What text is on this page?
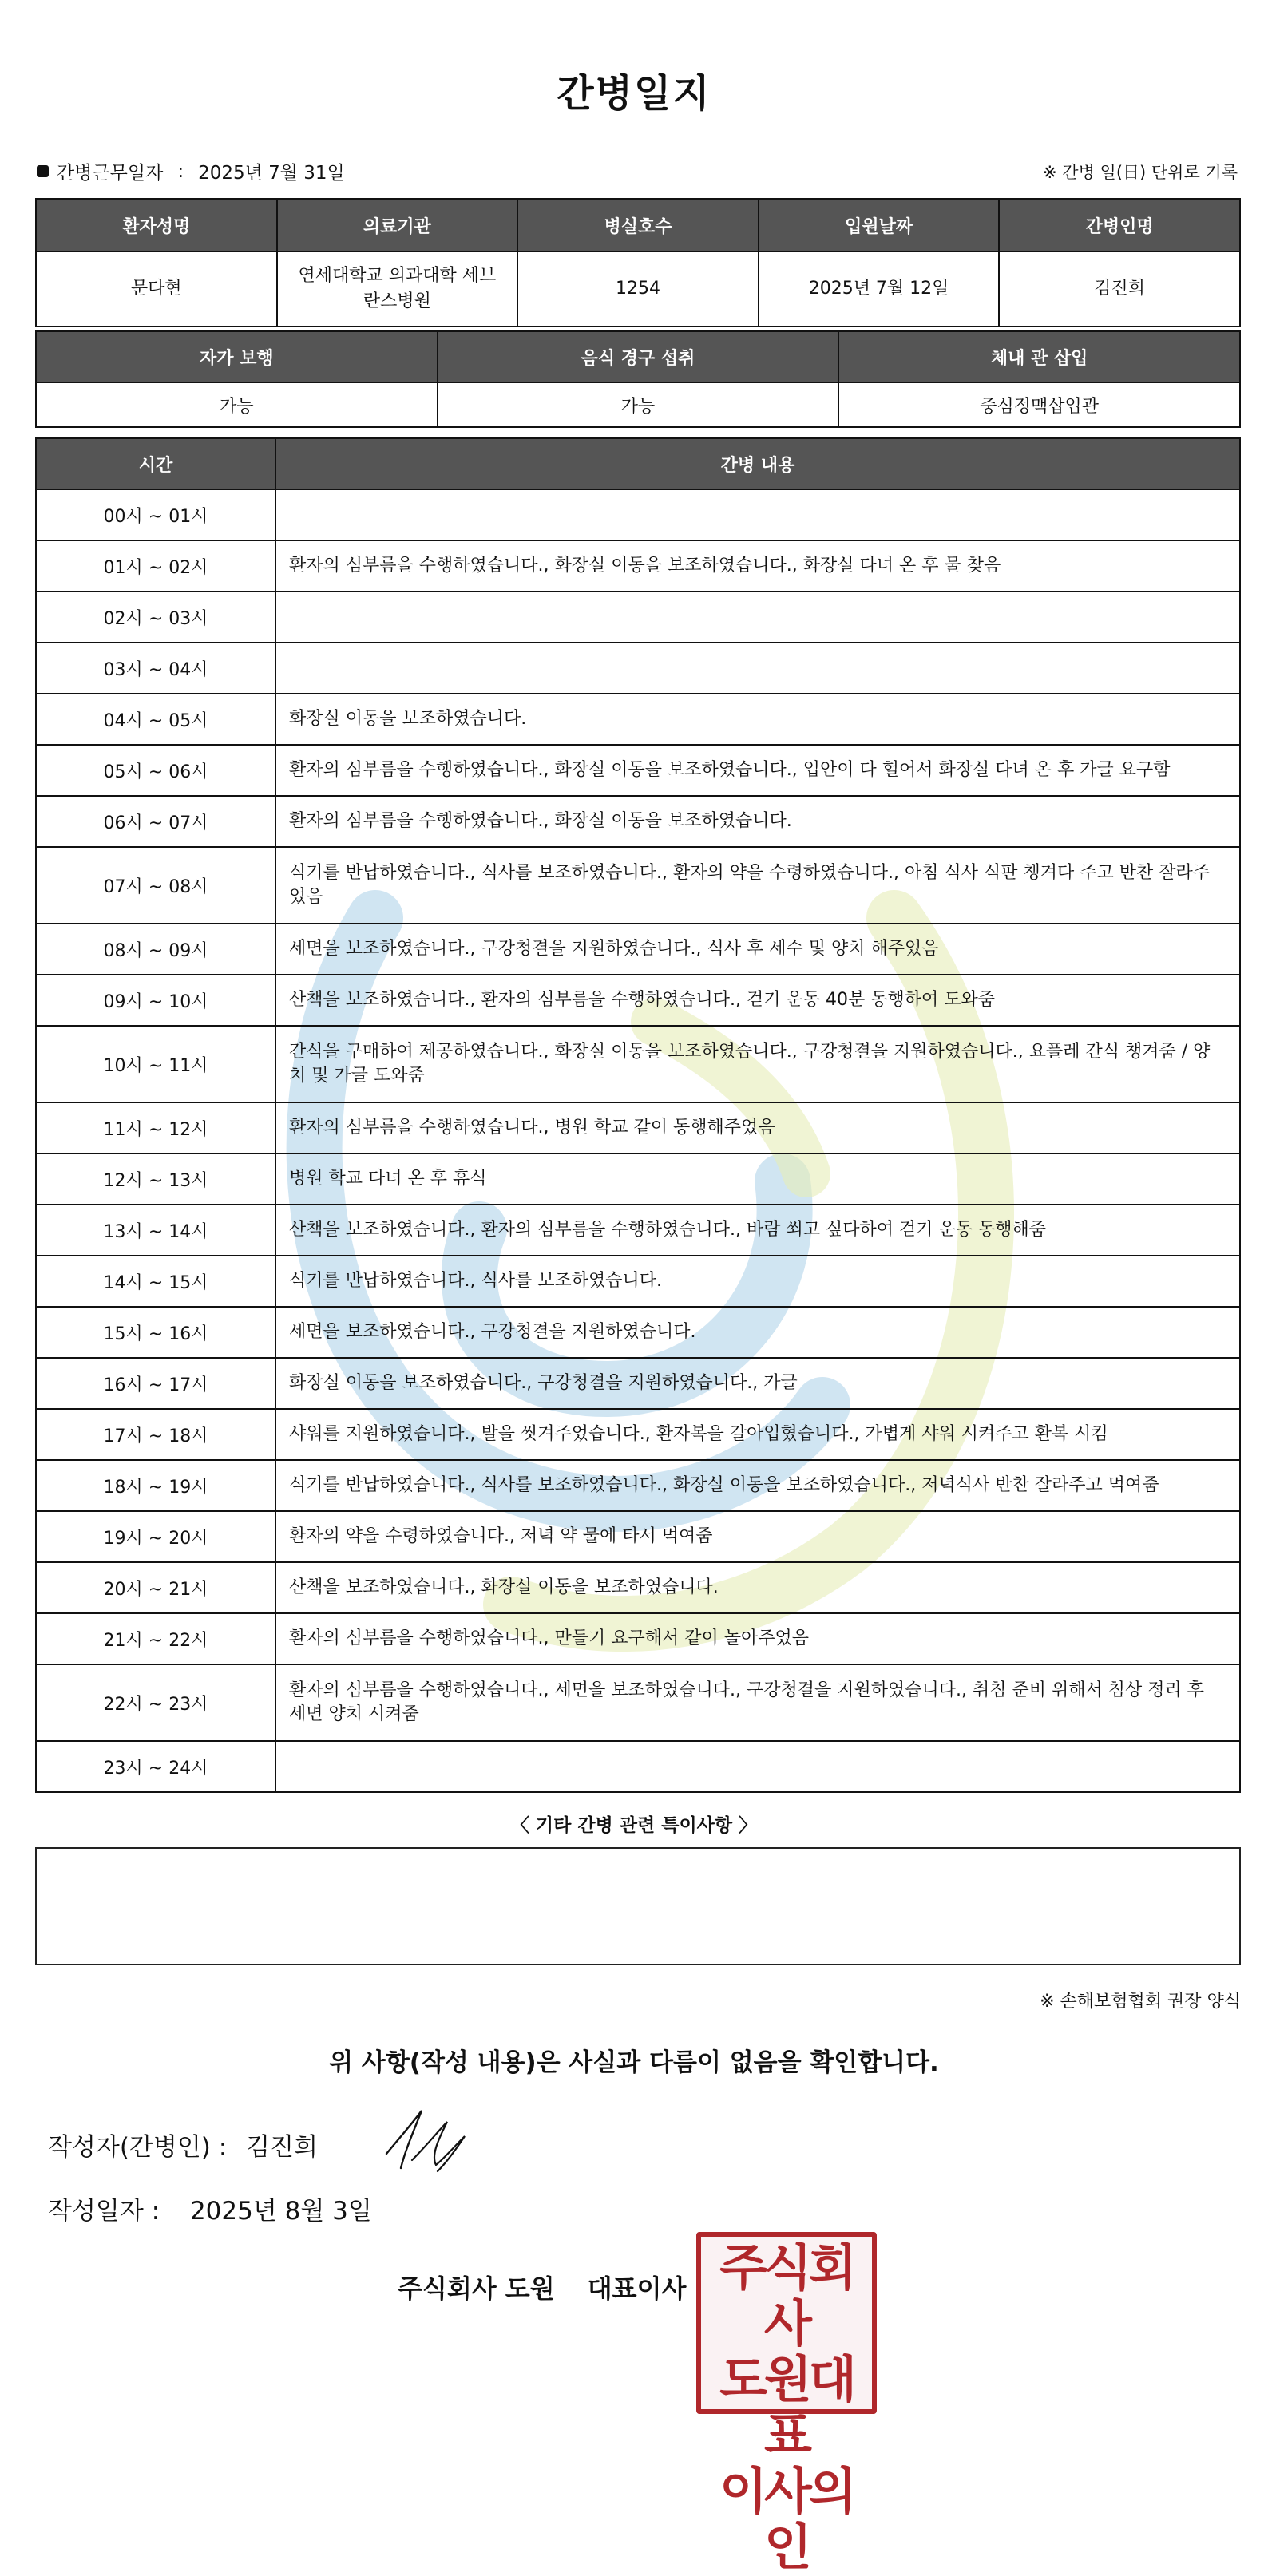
간병일지
간병근무일자 : 2025년 7월 31일	※ 간병 일(日) 단위로 기록
환자성명	의료기관	병실호수	입원날짜	간병인명
문다현	연세대학교 의과대학 세브란스병원	1254	2025년 7월 12일	김진희
자가 보행	음식 경구 섭취	체내 관 삽입
가능	가능	중심정맥삽입관
시간	간병 내용
00시 ~ 01시	
01시 ~ 02시	환자의 심부름을 수행하였습니다., 화장실 이동을 보조하였습니다., 화장실 다녀 온 후 물 찾음
02시 ~ 03시	
03시 ~ 04시	
04시 ~ 05시	화장실 이동을 보조하였습니다.
05시 ~ 06시	환자의 심부름을 수행하였습니다., 화장실 이동을 보조하였습니다., 입안이 다 헐어서 화장실 다녀 온 후 가글 요구함
06시 ~ 07시	환자의 심부름을 수행하였습니다., 화장실 이동을 보조하였습니다.
07시 ~ 08시	식기를 반납하였습니다., 식사를 보조하였습니다., 환자의 약을 수령하였습니다., 아침 식사 식판 챙겨다 주고 반찬 잘라주었음
08시 ~ 09시	세면을 보조하였습니다., 구강청결을 지원하였습니다., 식사 후 세수 및 양치 해주었음
09시 ~ 10시	산책을 보조하였습니다., 환자의 심부름을 수행하였습니다., 걷기 운동 40분 동행하여 도와줌
10시 ~ 11시	간식을 구매하여 제공하였습니다., 화장실 이동을 보조하였습니다., 구강청결을 지원하였습니다., 요플레 간식 챙겨줌 / 양치 및 가글 도와줌
11시 ~ 12시	환자의 심부름을 수행하였습니다., 병원 학교 같이 동행해주었음
12시 ~ 13시	병원 학교 다녀 온 후 휴식
13시 ~ 14시	산책을 보조하였습니다., 환자의 심부름을 수행하였습니다., 바람 쐬고 싶다하여 걷기 운동 동행해줌
14시 ~ 15시	식기를 반납하였습니다., 식사를 보조하였습니다.
15시 ~ 16시	세면을 보조하였습니다., 구강청결을 지원하였습니다.
16시 ~ 17시	화장실 이동을 보조하였습니다., 구강청결을 지원하였습니다., 가글
17시 ~ 18시	샤워를 지원하였습니다., 발을 씻겨주었습니다., 환자복을 갈아입혔습니다., 가볍게 샤워 시켜주고 환복 시킴
18시 ~ 19시	식기를 반납하였습니다., 식사를 보조하였습니다., 화장실 이동을 보조하였습니다., 저녁식사 반찬 잘라주고 먹여줌
19시 ~ 20시	환자의 약을 수령하였습니다., 저녁 약 물에 타서 먹여줌
20시 ~ 21시	산책을 보조하였습니다., 화장실 이동을 보조하였습니다.
21시 ~ 22시	환자의 심부름을 수행하였습니다., 만들기 요구해서 같이 놀아주었음
22시 ~ 23시	환자의 심부름을 수행하였습니다., 세면을 보조하였습니다., 구강청결을 지원하였습니다., 취침 준비 위해서 침상 정리 후 세면 양치 시켜줌
23시 ~ 24시	
〈 기타 간병 관련 특이사항 〉
※ 손해보험협회 권장 양식
위 사항(작성 내용)은 사실과 다름이 없음을 확인합니다.
작성자(간병인) : 김진희
작성일자 : 2025년 8월 3일
주식회사 도원 대표이사 주식회사
도원대표
이사의인
